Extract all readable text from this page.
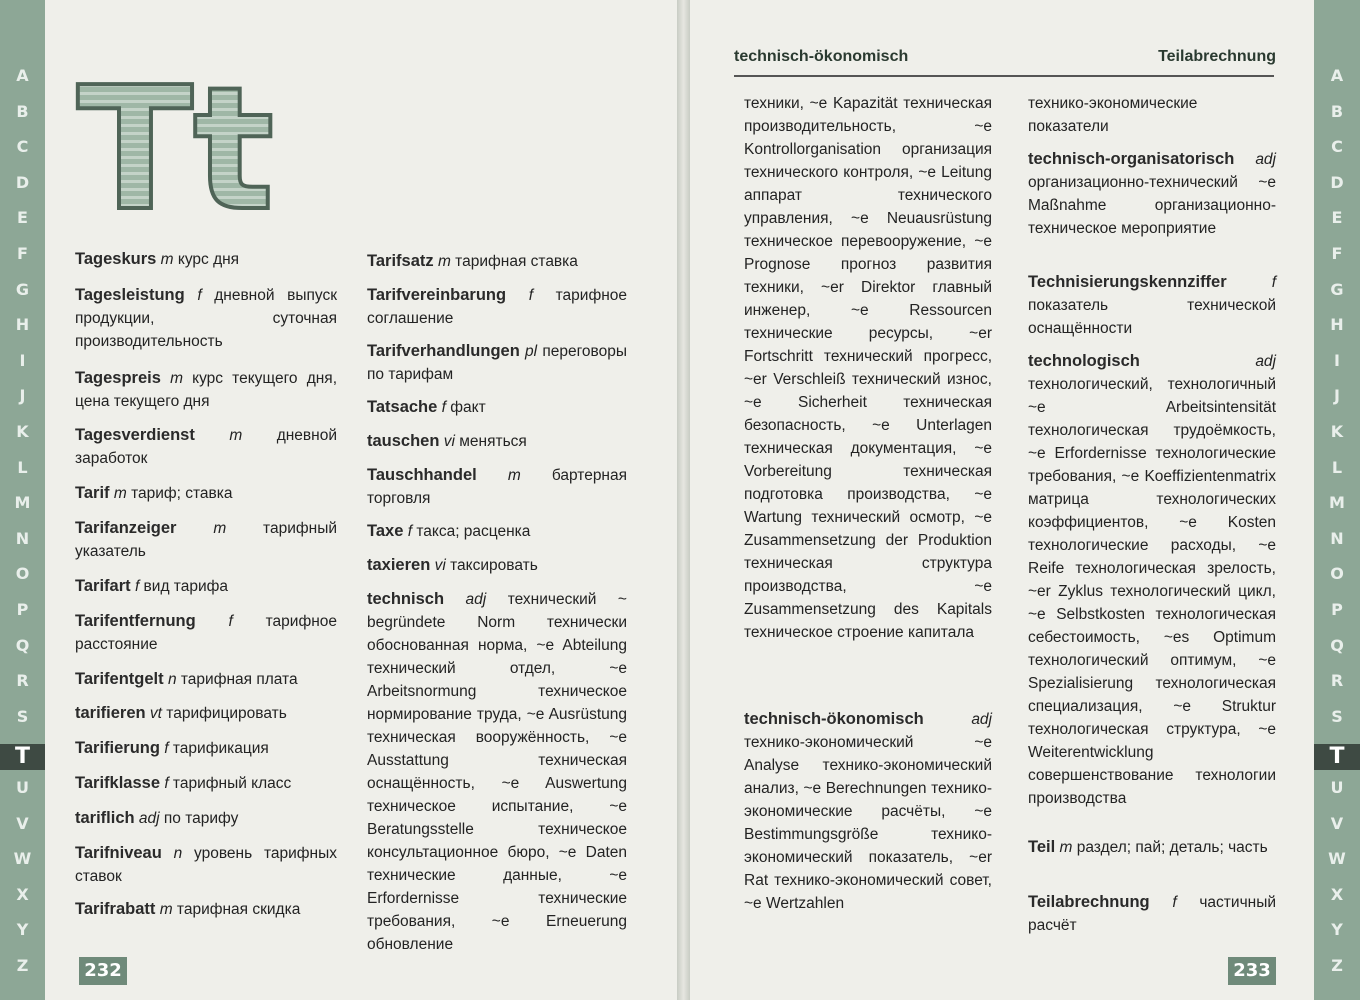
A
B
C
D
E
F
G
H
I
J
K
L
M
N
O
P
Q
R
S
T
U
V
W
X
Y
Z
A
B
C
D
E
F
G
H
I
J
K
L
M
N
O
P
Q
R
S
T
U
V
W
X
Y
Z
Tt
Tageskurs m курс дня
Tagesleistung f дневной выпуск продукции, суточная производительность
Tagespreis m курс текущего дня, цена текущего дня
Tagesverdienst m дневной заработок
Tarif m тариф; ставка
Tarifanzeiger m тарифный указатель
Tarifart f вид тарифа
Tarifentfernung f тарифное расстояние
Tarifentgelt n тарифная плата
tarifieren vt тарифицировать
Tarifierung f тарификация
Tarifklasse f тарифный класс
tariflich adj по тарифу
Tarifniveau n уровень тарифных ставок
Tarifrabatt m тарифная скидка
Tarifsatz m тарифная ставка
Tarifvereinbarung f тарифное соглашение
Tarifverhandlungen pl переговоры по тарифам
Tatsache f факт
tauschen vi меняться
Tauschhandel m бартерная торговля
Taxe f такса; расценка
taxieren vi таксировать
technisch adj технический ~ begründete Norm технически обоснованная норма, ~e Abteilung технический отдел, ~e Arbeitsnormung техническое нормирование труда, ~e Ausrüstung техническая вооружённость, ~e Ausstattung техническая оснащённость, ~e Auswertung техническое испытание, ~e Beratungsstelle техническое консультационное бюро, ~e Daten технические данные, ~e Erfordernisse технические требования, ~e Erneuerung обновление
232
technisch-ökonomisch	Teilabrechnung
техники, ~e Kapazität техническая производительность, ~e Kontrollorganisation организация технического контроля, ~e Leitung аппарат технического управления, ~e Neuausrüstung техническое перевооружение, ~e Prognose прогноз развития техники, ~er Direktor главный инженер, ~e Ressourcen технические ресурсы, ~er Fortschritt технический прогресс, ~er Verschleiß технический износ, ~e Sicherheit техническая безопасность, ~e Unterlagen техническая документация, ~e Vorbereitung техническая подготовка производства, ~e Wartung технический осмотр, ~e Zusammensetzung der Produktion техническая структура производства, ~e Zusammensetzung des Kapitals техническое строение капитала
technisch-ökonomisch	adj технико-экономический ~e Analyse технико-экономический анализ, ~e Berechnungen технико-экономические расчёты, ~e Bestimmungsgröße технико-экономический показатель, ~er Rat технико-экономический совет, ~e Wertzahlen
технико-экономические показатели
technisch-organisatorisch adj организационно-технический ~e Maßnahme организационно-техническое мероприятие
Technisierungskennziffer	f показатель технической оснащённости
technologisch	adj технологический, технологичный ~e Arbeitsintensität технологическая трудоёмкость, ~e Erfordernisse технологические требования, ~e Koeffizientenmatrix матрица технологических коэффициентов, ~e Kosten технологические расходы, ~e Reife технологическая зрелость, ~er Zyklus технологический цикл, ~e Selbstkosten технологическая себестоимость, ~es Optimum технологический оптимум, ~e Spezialisierung технологическая специализация, ~e Struktur технологическая структура, ~e Weiterentwicklung совершенствование технологии производства
Teil m раздел; пай; деталь; часть
Teilabrechnung f частичный расчёт
233
